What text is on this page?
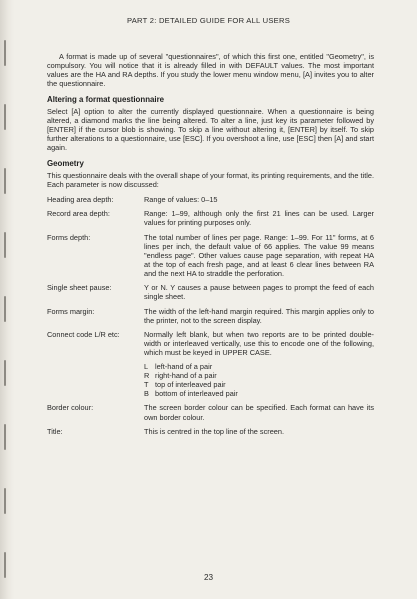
PART 2: DETAILED GUIDE FOR ALL USERS

A format is made up of several "questionnaires", of which this first one, entitled "Geometry", is compulsory. You will notice that it is already filled in with DEFAULT values. The most important values are the HA and RA depths. If you study the lower menu window menu, [A] invites you to alter the questionnaire.

Altering a format questionnaire

Select [A] option to alter the currently displayed questionnaire. When a questionnaire is being altered, a diamond marks the line being altered. To alter a line, just key its parameter followed by [ENTER] if the cursor blob is showing. To skip a line without altering it, [ENTER] by itself. To skip further alterations to a questionnaire, use [ESC]. If you overshoot a line, use [ESC] then [A] and start again.

Geometry

This questionnaire deals with the overall shape of your format, its printing requirements, and the title. Each parameter is now discussed:

Heading area depth:	Range of values: 0–15
Record area depth:	Range: 1–99, although only the first 21 lines can be used. Larger values for printing purposes only.
Forms depth:	The total number of lines per page. Range: 1–99. For 11" forms, at 6 lines per inch, the default value of 66 applies. The value 99 means "endless page". Other values cause page separation, with repeat HA at the top of each fresh page, and at least 6 clear lines between RA and the next HA to straddle the perforation.
Single sheet pause:	Y or N. Y causes a pause between pages to prompt the feed of each single sheet.
Forms margin:	The width of the left-hand margin required. This margin applies only to the printer, not to the screen display.
Connect code L/R etc:	Normally left blank, but when two reports are to be printed double-width or interleaved vertically, use this to encode one of the following, which must be keyed in UPPER CASE.
L left-hand of a pair
R right-hand of a pair
T top of interleaved pair
B bottom of interleaved pair
Border colour:	The screen border colour can be specified. Each format can have its own border colour.
Title:	This is centred in the top line of the screen.
23
